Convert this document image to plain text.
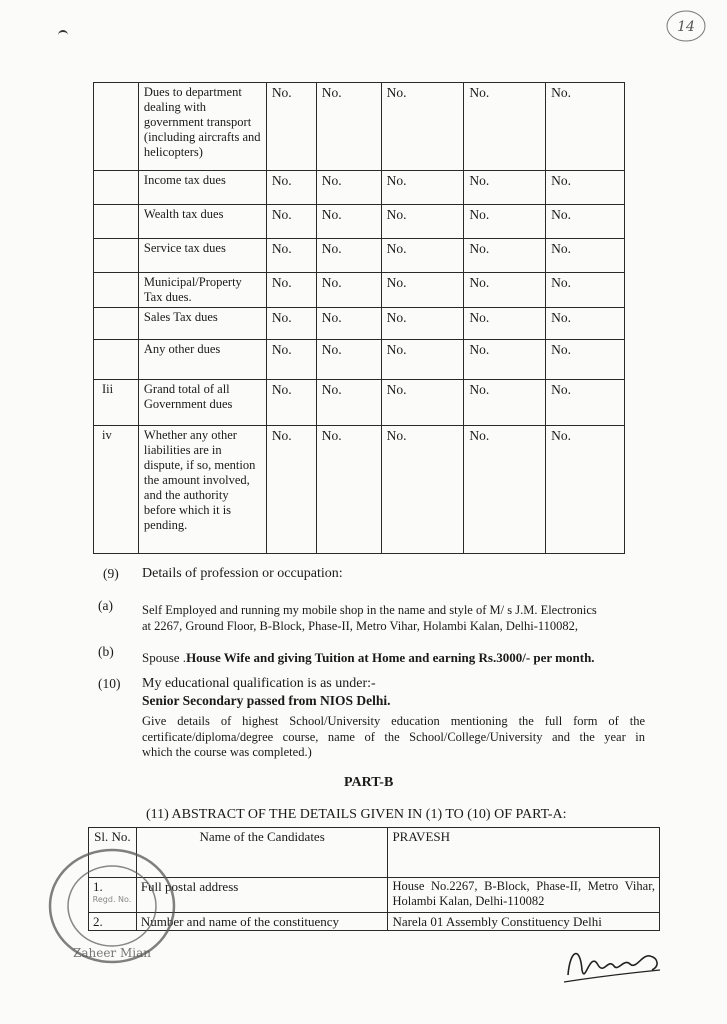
14
	Dues to department dealing with government transport (including aircrafts and helicopters)	No.	No.	No.	No.	No.
	Income tax dues	No.	No.	No.	No.	No.
	Wealth tax dues	No.	No.	No.	No.	No.
	Service tax dues	No.	No.	No.	No.	No.
	Municipal/Property Tax dues.	No.	No.	No.	No.	No.
	Sales Tax dues	No.	No.	No.	No.	No.
	Any other dues	No.	No.	No.	No.	No.
Iii	Grand total of all Government dues	No.	No.	No.	No.	No.
iv	Whether any other liabilities are in dispute, if so, mention the amount involved, and the authority before which it is pending.	No.	No.	No.	No.	No.
(9) Details of profession or occupation:
(a) Self Employed and running my mobile shop in the name and style of M/ s J.M. Electronics
at 2267, Ground Floor, B-Block, Phase-II, Metro Vihar, Holambi Kalan, Delhi-110082,
(b) Spouse .House Wife and giving Tuition at Home and earning Rs.3000/- per month.
(10) My educational qualification is as under:-
Senior Secondary passed from NIOS Delhi.
Give details of highest School/University education mentioning the full form of the
certificate/diploma/degree course, name of the School/College/University and the year in
which the course was completed.)
PART-B
(11) ABSTRACT OF THE DETAILS GIVEN IN (1) TO (10) OF PART-A:
Sl. No.	Name of the Candidates	PRAVESH
1.	Full postal address	House No.2267, B-Block, Phase-II, Metro Vihar, Holambi Kalan, Delhi-110082
2.	Number and name of the constituency	Narela 01 Assembly Constituency Delhi
Zaheer Mian
Regd. No.
